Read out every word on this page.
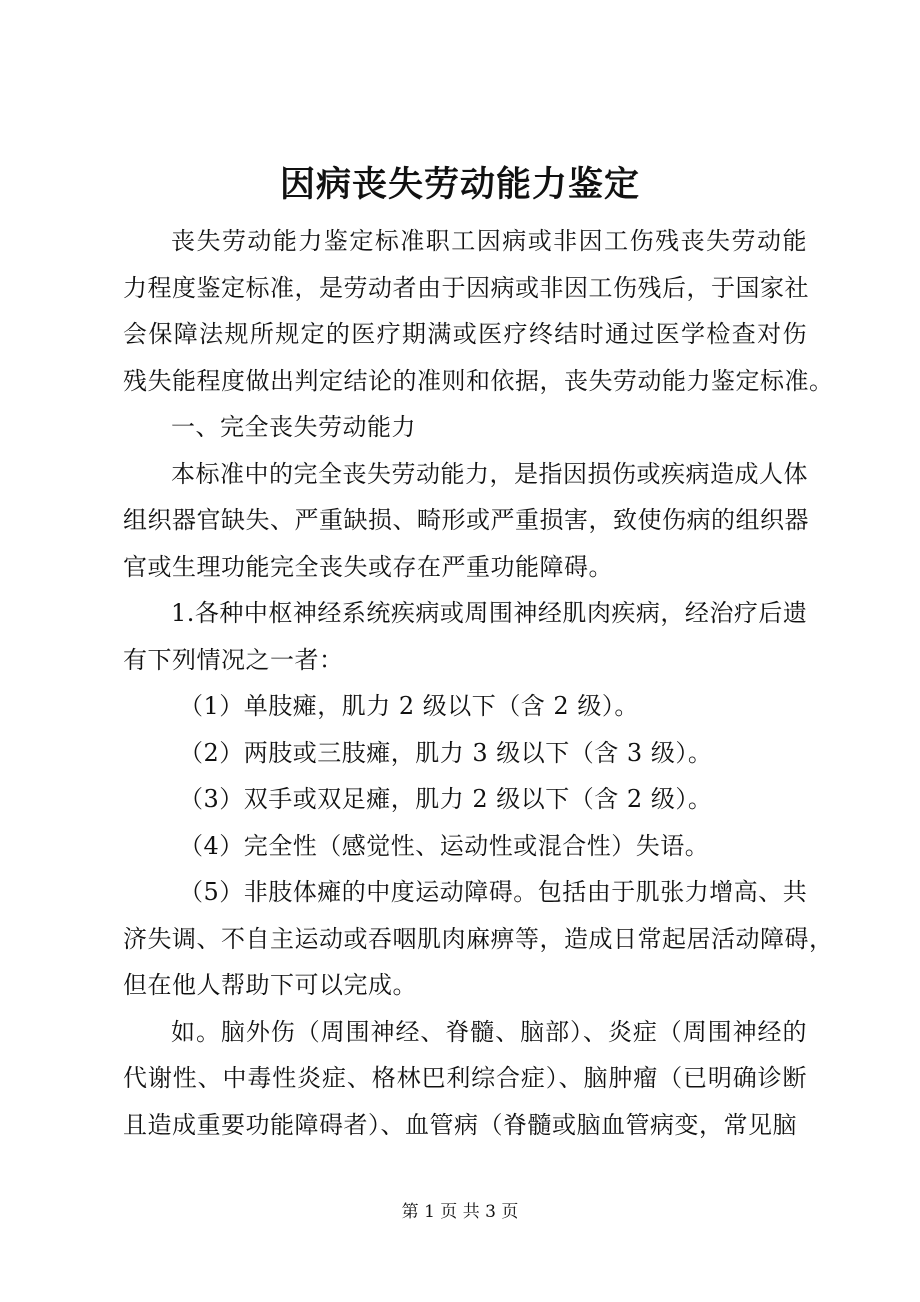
因病丧失劳动能力鉴定
丧失劳动能力鉴定标准职工因病或非因工伤残丧失劳动能
力程度鉴定标准，是劳动者由于因病或非因工伤残后，于国家社
会保障法规所规定的医疗期满或医疗终结时通过医学检查对伤
残失能程度做出判定结论的准则和依据，丧失劳动能力鉴定标准。
一、完全丧失劳动能力
本标准中的完全丧失劳动能力，是指因损伤或疾病造成人体
组织器官缺失、严重缺损、畸形或严重损害，致使伤病的组织器
官或生理功能完全丧失或存在严重功能障碍。
1.各种中枢神经系统疾病或周围神经肌肉疾病，经治疗后遗
有下列情况之一者：
（1）单肢瘫，肌力 2 级以下（含 2 级）。
（2）两肢或三肢瘫，肌力 3 级以下（含 3 级）。
（3）双手或双足瘫，肌力 2 级以下（含 2 级）。
（4）完全性（感觉性、运动性或混合性）失语。
（5）非肢体瘫的中度运动障碍。包括由于肌张力增高、共
济失调、不自主运动或吞咽肌肉麻痹等，造成日常起居活动障碍，
但在他人帮助下可以完成。
如。脑外伤（周围神经、脊髓、脑部）、炎症（周围神经的
代谢性、中毒性炎症、格林巴利综合症）、脑肿瘤（已明确诊断
且造成重要功能障碍者）、血管病（脊髓或脑血管病变，常见脑
第 1 页 共 3 页
